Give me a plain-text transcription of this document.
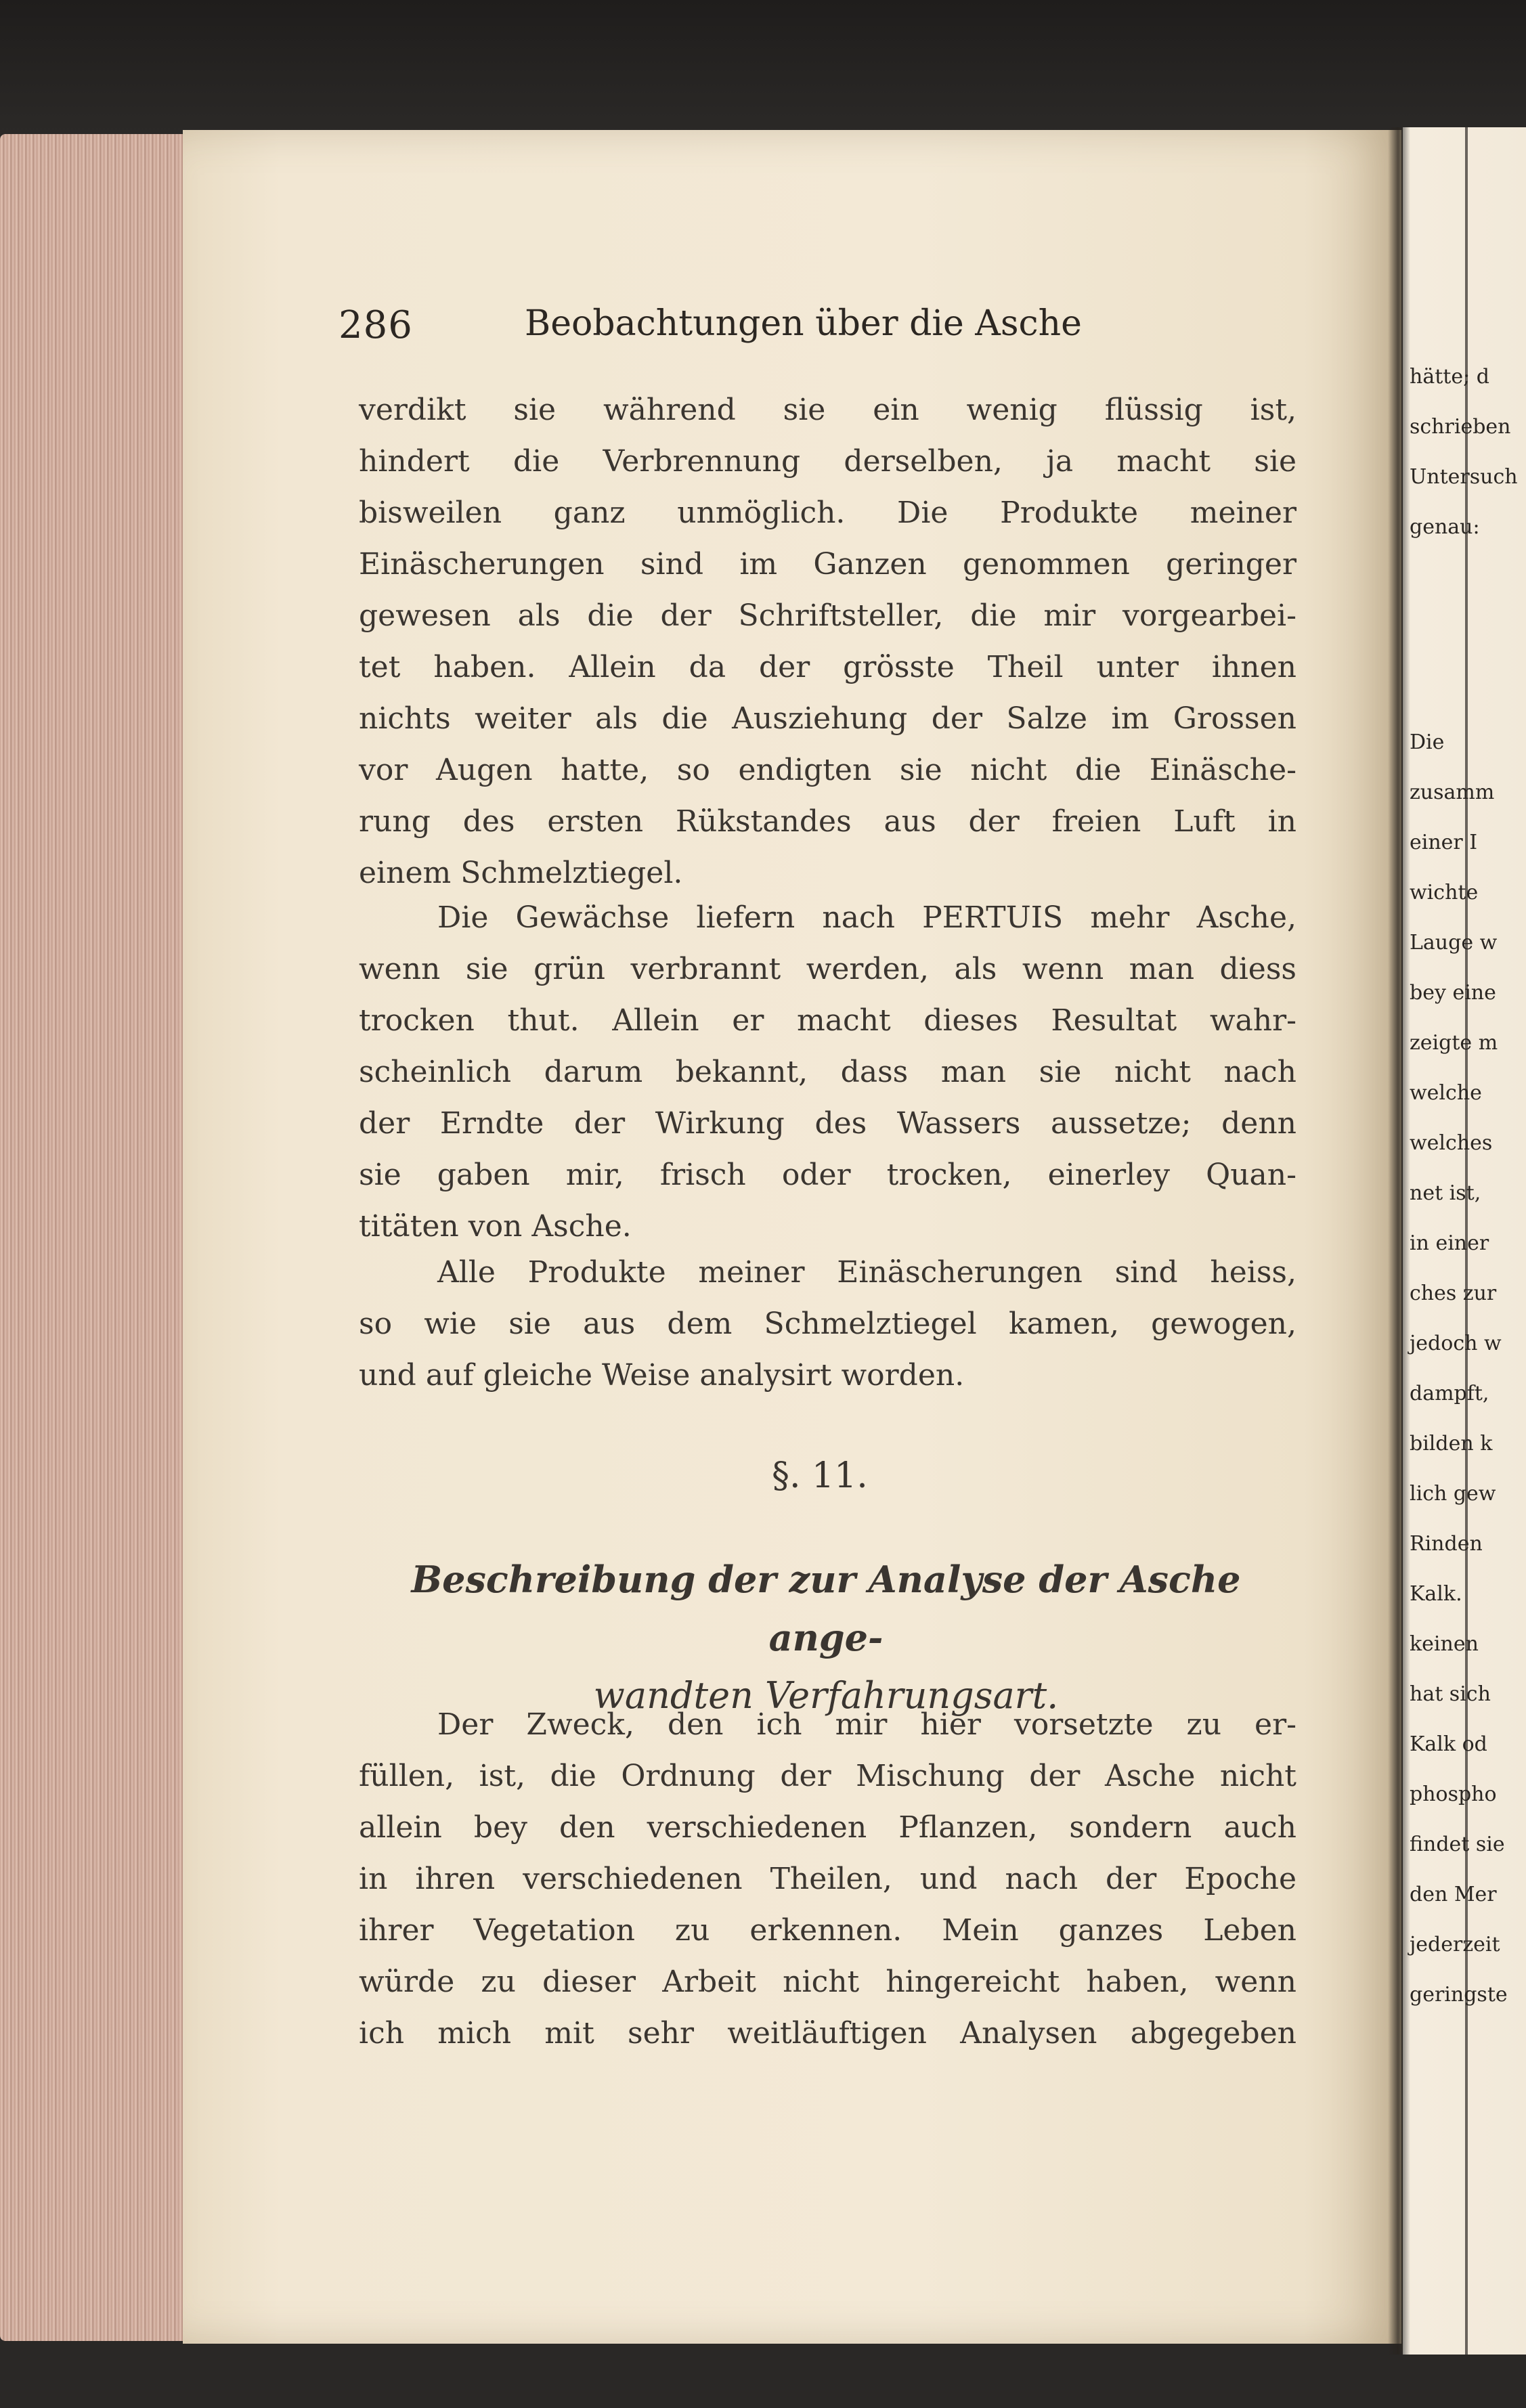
286	Beobachtungen über die Asche
verdikt sie während sie ein wenig flüssig ist,
hindert die Verbrennung derselben, ja macht sie
bisweilen ganz unmöglich. Die Produkte meiner
Einäscherungen sind im Ganzen genommen geringer
gewesen als die der Schriftsteller, die mir vorgearbei-
tet haben. Allein da der grösste Theil unter ihnen
nichts weiter als die Ausziehung der Salze im Grossen
vor Augen hatte, so endigten sie nicht die Einäsche-
rung des ersten Rükstandes aus der freien Luft in
einem Schmelztiegel.
Die Gewächse liefern nach PERTUIS mehr Asche,
wenn sie grün verbrannt werden, als wenn man diess
trocken thut. Allein er macht dieses Resultat wahr-
scheinlich darum bekannt, dass man sie nicht nach
der Erndte der Wirkung des Wassers aussetze; denn
sie gaben mir, frisch oder trocken, einerley Quan-
titäten von Asche.
Alle Produkte meiner Einäscherungen sind heiss,
so wie sie aus dem Schmelztiegel kamen, gewogen,
und auf gleiche Weise analysirt worden.
§. 11.
Beschreibung der zur Analyse der Asche ange-
wandten Verfahrungsart.
Der Zweck, den ich mir hier vorsetzte zu er-
füllen, ist, die Ordnung der Mischung der Asche nicht
allein bey den verschiedenen Pflanzen, sondern auch
in ihren verschiedenen Theilen, und nach der Epoche
ihrer Vegetation zu erkennen. Mein ganzes Leben
würde zu dieser Arbeit nicht hingereicht haben, wenn
ich mich mit sehr weitläuftigen Analysen abgegeben
hätte; d
schrieben
Untersuch
genau:
Die
zusamm
einer I
wichte
Lauge w
bey eine
zeigte m
welche
welches
net ist,
in einer
ches zur
jedoch w
dampft,
bilden k
lich gew
Rinden
Kalk.
keinen
hat sich
Kalk od
phospho
findet sie
den Mer
jederzeit
geringste
